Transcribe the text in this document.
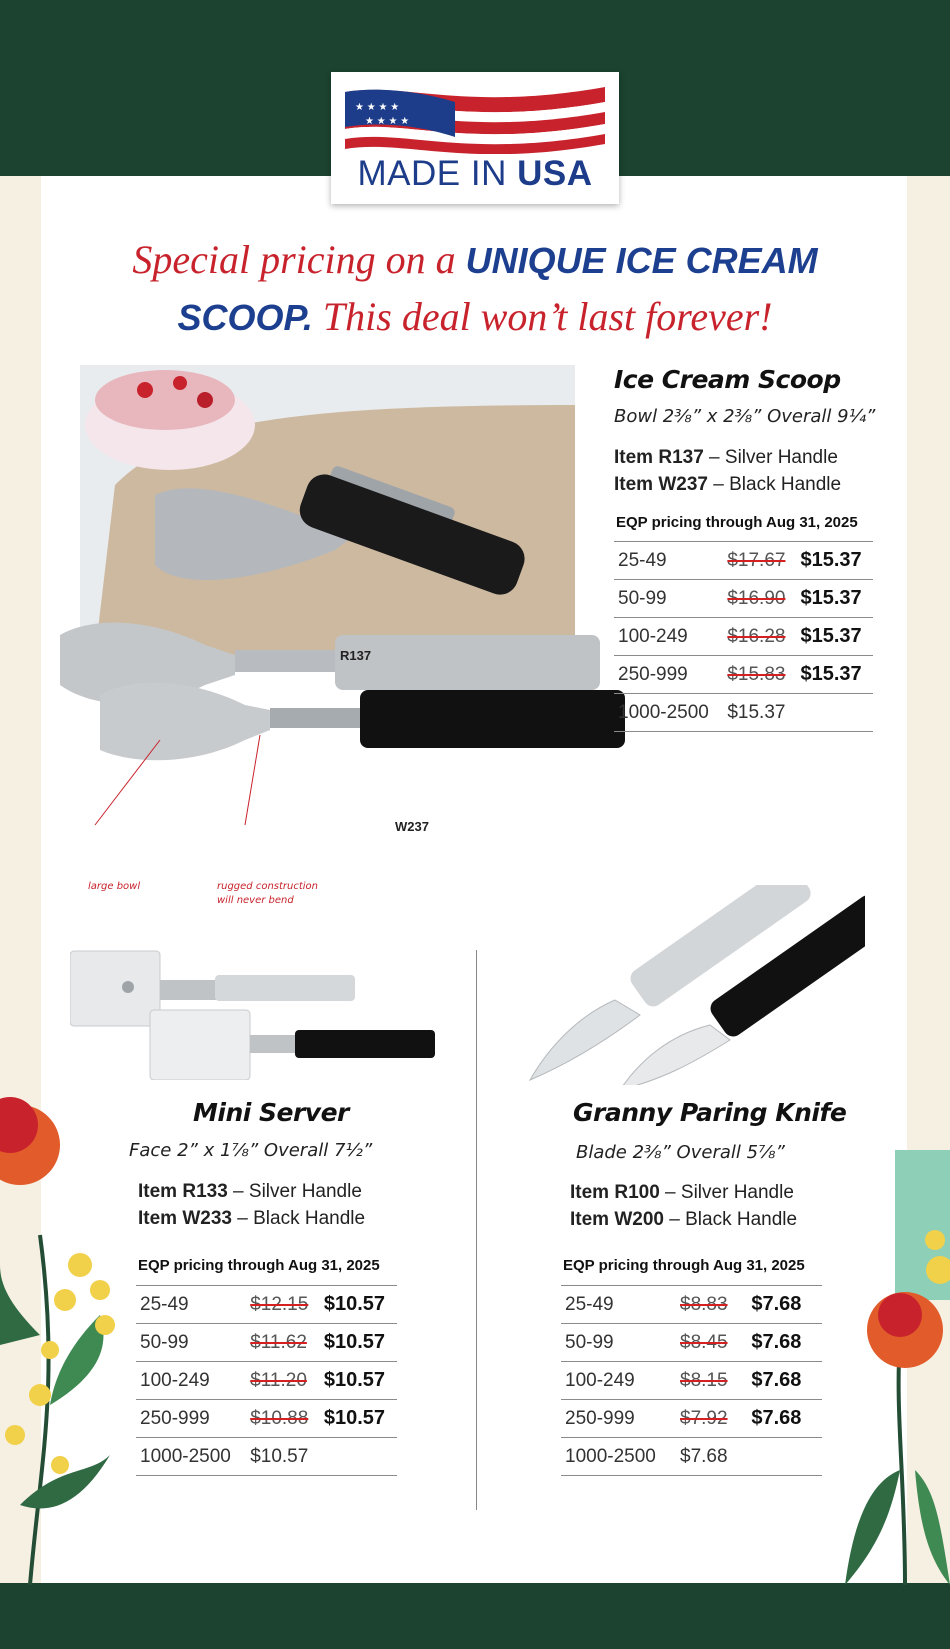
★ ★ ★ ★
★ ★ ★ ★
MADE IN USA
Special pricing on a UNIQUE ICE CREAM
SCOOP. This deal won’t last forever!
R137
W237
large bowl	rugged construction
will never bend
Ice Cream Scoop
Bowl 2⅜” x 2⅜” Overall 9¼”
Item R137 – Silver Handle
Item W237 – Black Handle
EQP pricing through Aug 31, 2025
25-49	$17.67	$15.37
50-99	$16.90	$15.37
100-249	$16.28	$15.37
250-999	$15.83	$15.37
1000-2500	$15.37	
Mini Server
Face 2” x 1⅞” Overall 7½”
Item R133 – Silver Handle
Item W233 – Black Handle
EQP pricing through Aug 31, 2025
25-49	$12.15	$10.57
50-99	$11.62	$10.57
100-249	$11.20	$10.57
250-999	$10.88	$10.57
1000-2500	$10.57	
Granny Paring Knife
Blade 2⅜” Overall 5⅞”
Item R100 – Silver Handle
Item W200 – Black Handle
EQP pricing through Aug 31, 2025
25-49	$8.83	$7.68
50-99	$8.45	$7.68
100-249	$8.15	$7.68
250-999	$7.92	$7.68
1000-2500	$7.68	
